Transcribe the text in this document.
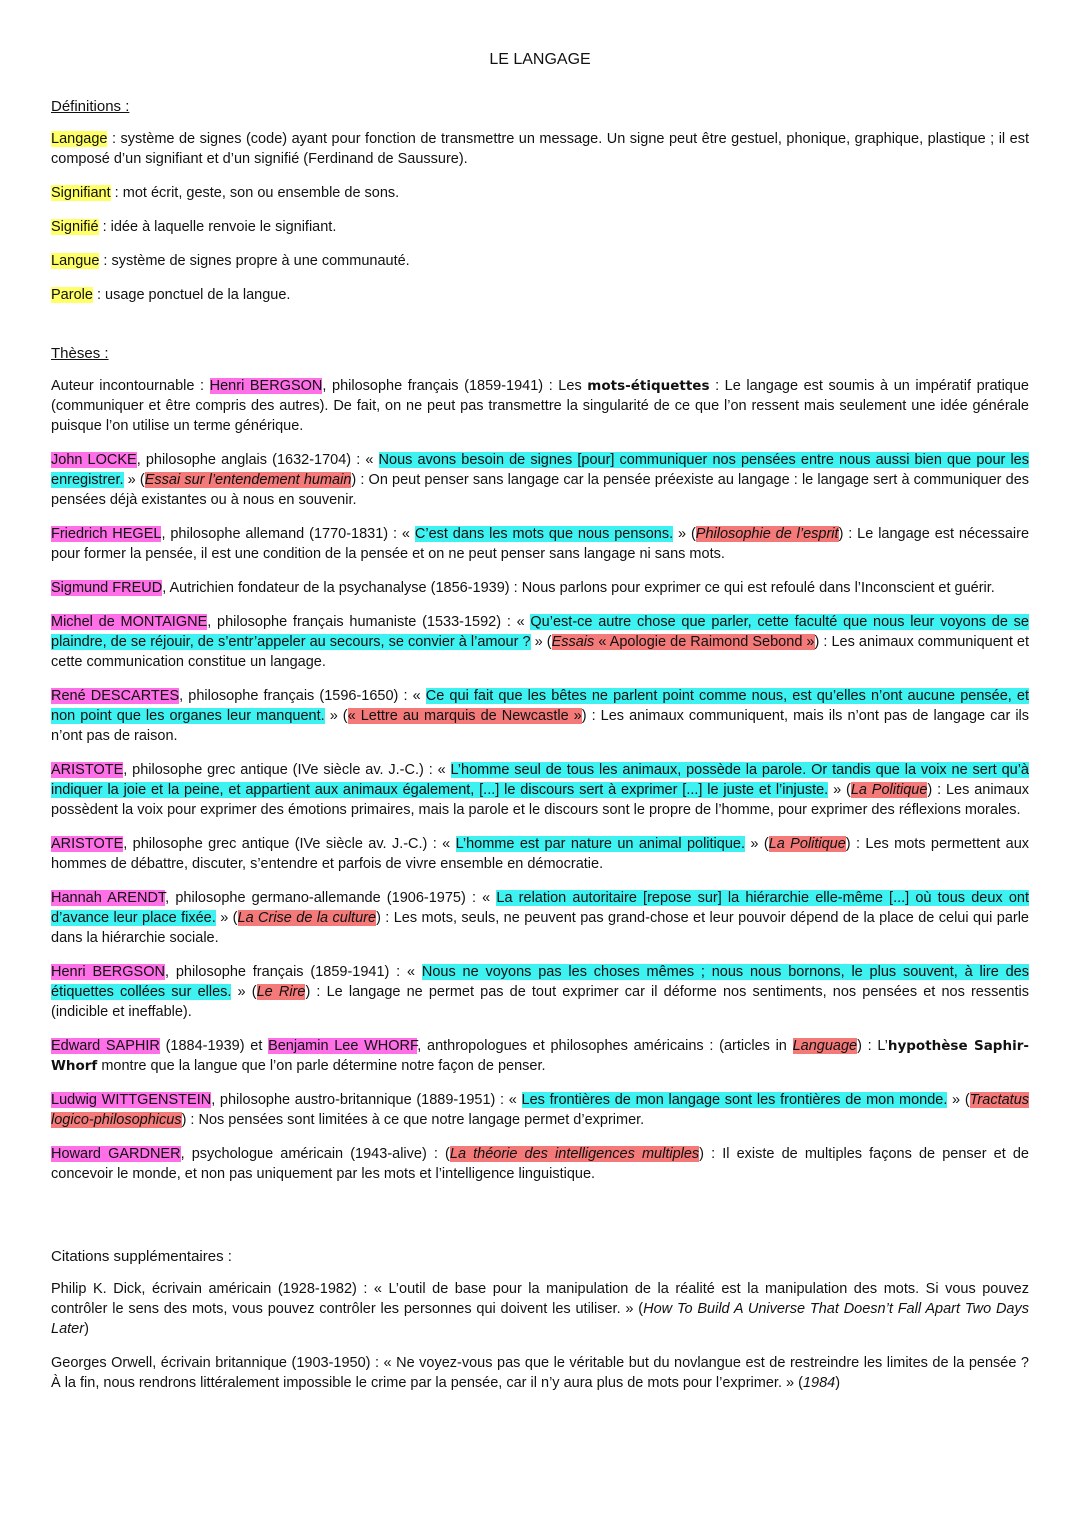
LE LANGAGE
Définitions :

Langage : système de signes (code) ayant pour fonction de transmettre un message. Un signe peut être gestuel, phonique, graphique, plastique ; il est composé d’un signifiant et d’un signifié (Ferdinand de Saussure).

Signifiant : mot écrit, geste, son ou ensemble de sons.

Signifié : idée à laquelle renvoie le signifiant.

Langue : système de signes propre à une communauté.

Parole : usage ponctuel de la langue.

Thèses :

Auteur incontournable : Henri BERGSON, philosophe français (1859-1941) : Les mots-étiquettes : Le langage est soumis à un impératif pratique (communiquer et être compris des autres). De fait, on ne peut pas transmettre la singularité de ce que l’on ressent mais seulement une idée générale puisque l’on utilise un terme générique.

John LOCKE, philosophe anglais (1632-1704) : « Nous avons besoin de signes [pour] communiquer nos pensées entre nous aussi bien que pour les enregistrer. » (Essai sur l’entendement humain) : On peut penser sans langage car la pensée préexiste au langage : le langage sert à communiquer des pensées déjà existantes ou à nous en souvenir.

Friedrich HEGEL, philosophe allemand (1770-1831) : « C’est dans les mots que nous pensons. » (Philosophie de l’esprit) : Le langage est nécessaire pour former la pensée, il est une condition de la pensée et on ne peut penser sans langage ni sans mots.

Sigmund FREUD, Autrichien fondateur de la psychanalyse (1856-1939) : Nous parlons pour exprimer ce qui est refoulé dans l’Inconscient et guérir.

Michel de MONTAIGNE, philosophe français humaniste (1533-1592) : « Qu’est-ce autre chose que parler, cette faculté que nous leur voyons de se plaindre, de se réjouir, de s’entr’appeler au secours, se convier à l’amour ? » (Essais « Apologie de Raimond Sebond ») : Les animaux communiquent et cette communication constitue un langage.

René DESCARTES, philosophe français (1596-1650) : « Ce qui fait que les bêtes ne parlent point comme nous, est qu’elles n’ont aucune pensée, et non point que les organes leur manquent. » (« Lettre au marquis de Newcastle ») : Les animaux communiquent, mais ils n’ont pas de langage car ils n’ont pas de raison.

ARISTOTE, philosophe grec antique (IVe siècle av. J.-C.) : « L’homme seul de tous les animaux, possède la parole. Or tandis que la voix ne sert qu’à indiquer la joie et la peine, et appartient aux animaux également, [...] le discours sert à exprimer [...] le juste et l’injuste. » (La Politique) : Les animaux possèdent la voix pour exprimer des émotions primaires, mais la parole et le discours sont le propre de l’homme, pour exprimer des réflexions morales.

ARISTOTE, philosophe grec antique (IVe siècle av. J.-C.) : « L’homme est par nature un animal politique. » (La Politique) : Les mots permettent aux hommes de débattre, discuter, s’entendre et parfois de vivre ensemble en démocratie.

Hannah ARENDT, philosophe germano-allemande (1906-1975) : « La relation autoritaire [repose sur] la hiérarchie elle-même [...] où tous deux ont d’avance leur place fixée. » (La Crise de la culture) : Les mots, seuls, ne peuvent pas grand-chose et leur pouvoir dépend de la place de celui qui parle dans la hiérarchie sociale.

Henri BERGSON, philosophe français (1859-1941) : « Nous ne voyons pas les choses mêmes ; nous nous bornons, le plus souvent, à lire des étiquettes collées sur elles. » (Le Rire) : Le langage ne permet pas de tout exprimer car il déforme nos sentiments, nos pensées et nos ressentis (indicible et ineffable).

Edward SAPHIR (1884-1939) et Benjamin Lee WHORF, anthropologues et philosophes américains : (articles in Language) : L’hypothèse Saphir-Whorf montre que la langue que l’on parle détermine notre façon de penser.

Ludwig WITTGENSTEIN, philosophe austro-britannique (1889-1951) : « Les frontières de mon langage sont les frontières de mon monde. » (Tractatus logico-philosophicus) : Nos pensées sont limitées à ce que notre langage permet d’exprimer.

Howard GARDNER, psychologue américain (1943-alive) : (La théorie des intelligences multiples) : Il existe de multiples façons de penser et de concevoir le monde, et non pas uniquement par les mots et l’intelligence linguistique.

Citations supplémentaires :

Philip K. Dick, écrivain américain (1928-1982) : « L’outil de base pour la manipulation de la réalité est la manipulation des mots. Si vous pouvez contrôler le sens des mots, vous pouvez contrôler les personnes qui doivent les utiliser. » (How To Build A Universe That Doesn’t Fall Apart Two Days Later)

Georges Orwell, écrivain britannique (1903-1950) : « Ne voyez-vous pas que le véritable but du novlangue est de restreindre les limites de la pensée ? À la fin, nous rendrons littéralement impossible le crime par la pensée, car il n’y aura plus de mots pour l’exprimer. » (1984)
